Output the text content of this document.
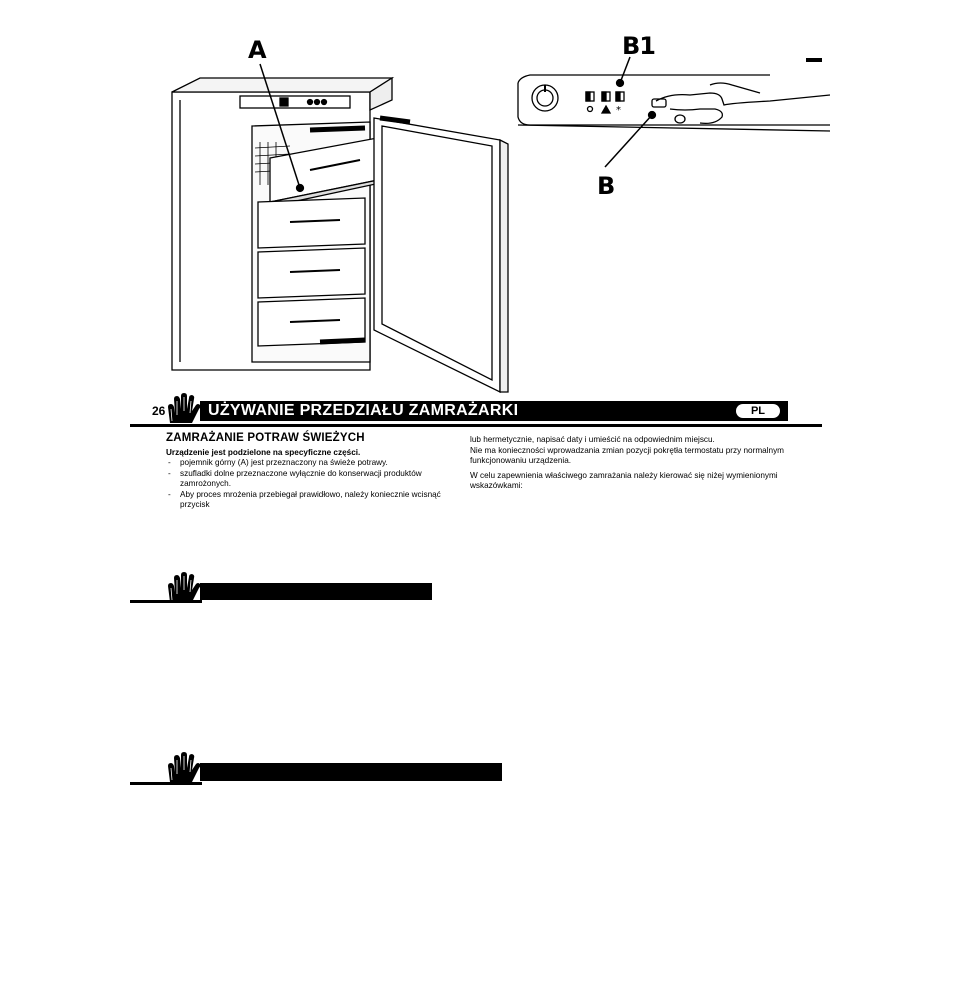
A
*
B1
B
26	UŻYWANIE PRZEDZIAŁU ZAMRAŻARKI	PL
ZAMRAŻANIE POTRAW ŚWIEŻYCH
Urządzenie jest podzielone na specyficzne części.
- pojemnik górny (A) jest przeznaczony na świeże potrawy.
- szufladki dolne przeznaczone wyłącznie do konserwacji produktów zamrożonych.
- Aby proces mrożenia przebiegał prawidłowo, należy koniecznie wcisnąć przycisk
lub hermetycznie, napisać daty i umieścić na odpowiednim miejscu.
Nie ma konieczności wprowadzania zmian pozycji pokrętła termostatu przy normalnym
funkcjonowaniu urządzenia.
W celu zapewnienia właściwego zamrażania należy kierować się niżej wymienionymi
wskazówkami:
